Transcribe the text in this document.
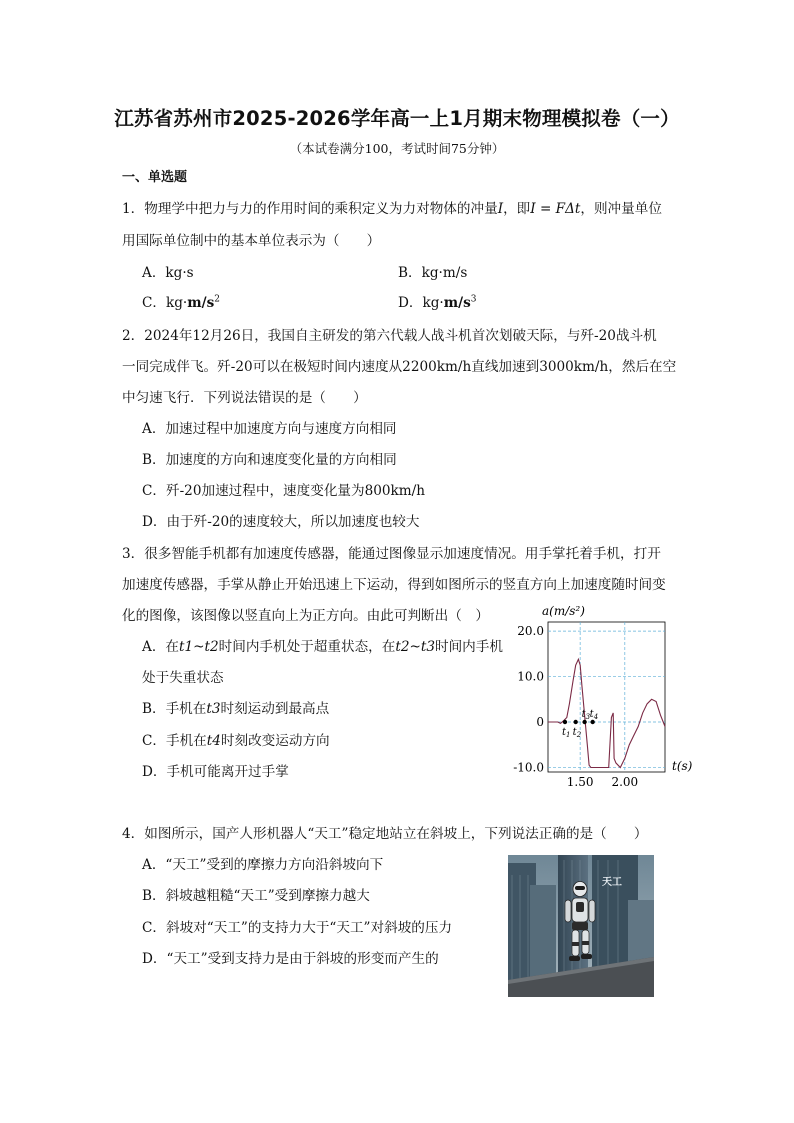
江苏省苏州市2025-2026学年高一上1月期末物理模拟卷（一）
（本试卷满分100，考试时间75分钟）
一、单选题
1．物理学中把力与力的作用时间的乘积定义为力对物体的冲量I，即I = FΔt，则冲量单位
用国际单位制中的基本单位表示为（　　）
A．kg·s	B．kg·m/s
C．$kg\cdot m/s^2$	D．$kg\cdot m/s^3$
2．2024年12月26日，我国自主研发的第六代载人战斗机首次划破天际，与歼-20战斗机
一同完成伴飞。歼-20可以在极短时间内速度从2200km/h直线加速到3000km/h，然后在空
中匀速飞行．下列说法错误的是（　　）
A．加速过程中加速度方向与速度方向相同
B．加速度的方向和速度变化量的方向相同
C．歼-20加速过程中，速度变化量为800km/h
D．由于歼-20的速度较大，所以加速度也较大
3．很多智能手机都有加速度传感器，能通过图像显示加速度情况。用手掌托着手机，打开
加速度传感器，手掌从静止开始迅速上下运动，得到如图所示的竖直方向上加速度随时间变
化的图像，该图像以竖直向上为正方向。由此可判断出（　）
A．在t1~t2时间内手机处于超重状态，在t2~t3时间内手机
处于失重状态
B．手机在t3时刻运动到最高点
C．手机在t4时刻改变运动方向
D．手机可能离开过手掌
a(m/s²)
20.0
10.0
0
-10.0
1.50 2.00
$t_1$ $t_2$
$t_3$ $t_4$
t(s)
4．如图所示，国产人形机器人“天工”稳定地站立在斜坡上，下列说法正确的是（　　）
A．“天工”受到的摩擦力方向沿斜坡向下
B．斜坡越粗糙“天工”受到摩擦力越大
C．斜坡对“天工”的支持力大于“天工”对斜坡的压力
D．“天工”受到支持力是由于斜坡的形变而产生的
天工
